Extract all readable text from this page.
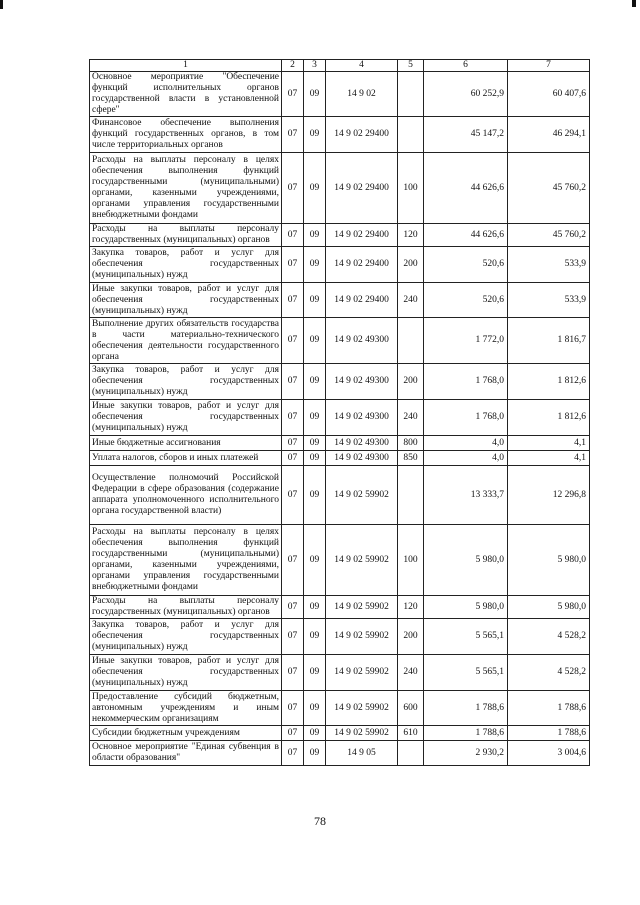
1	2	3	4	5	6	7
Основное мероприятие "Обеспечение функций исполнительных органов государственной власти в установленной сфере"	07	09	14 9 02		60 252,9	60 407,6
Финансовое обеспечение выполнения функций государственных органов, в том числе территориальных органов	07	09	14 9 02 29400		45 147,2	46 294,1
Расходы на выплаты персоналу в целях обеспечения выполнения функций государственными (муниципальными) органами, казенными учреждениями, органами управления государственными внебюджетными фондами	07	09	14 9 02 29400	100	44 626,6	45 760,2
Расходы на выплаты персоналу государственных (муниципальных) органов	07	09	14 9 02 29400	120	44 626,6	45 760,2
Закупка товаров, работ и услуг для обеспечения государственных (муниципальных) нужд	07	09	14 9 02 29400	200	520,6	533,9
Иные закупки товаров, работ и услуг для обеспечения государственных (муниципальных) нужд	07	09	14 9 02 29400	240	520,6	533,9
Выполнение других обязательств государства в части материально-технического обеспечения деятельности государственного органа	07	09	14 9 02 49300		1 772,0	1 816,7
Закупка товаров, работ и услуг для обеспечения государственных (муниципальных) нужд	07	09	14 9 02 49300	200	1 768,0	1 812,6
Иные закупки товаров, работ и услуг для обеспечения государственных (муниципальных) нужд	07	09	14 9 02 49300	240	1 768,0	1 812,6
Иные бюджетные ассигнования	07	09	14 9 02 49300	800	4,0	4,1
Уплата налогов, сборов и иных платежей	07	09	14 9 02 49300	850	4,0	4,1
Осуществление полномочий Российской Федерации в сфере образования (содержание аппарата уполномоченного исполнительного органа государственной власти)	07	09	14 9 02 59902		13 333,7	12 296,8
Расходы на выплаты персоналу в целях обеспечения выполнения функций государственными (муниципальными) органами, казенными учреждениями, органами управления государственными внебюджетными фондами	07	09	14 9 02 59902	100	5 980,0	5 980,0
Расходы на выплаты персоналу государственных (муниципальных) органов	07	09	14 9 02 59902	120	5 980,0	5 980,0
Закупка товаров, работ и услуг для обеспечения государственных (муниципальных) нужд	07	09	14 9 02 59902	200	5 565,1	4 528,2
Иные закупки товаров, работ и услуг для обеспечения государственных (муниципальных) нужд	07	09	14 9 02 59902	240	5 565,1	4 528,2
Предоставление субсидий бюджетным, автономным учреждениям и иным некоммерческим организациям	07	09	14 9 02 59902	600	1 788,6	1 788,6
Субсидии бюджетным учреждениям	07	09	14 9 02 59902	610	1 788,6	1 788,6
Основное мероприятие "Единая субвенция в области образования"	07	09	14 9 05		2 930,2	3 004,6
78
